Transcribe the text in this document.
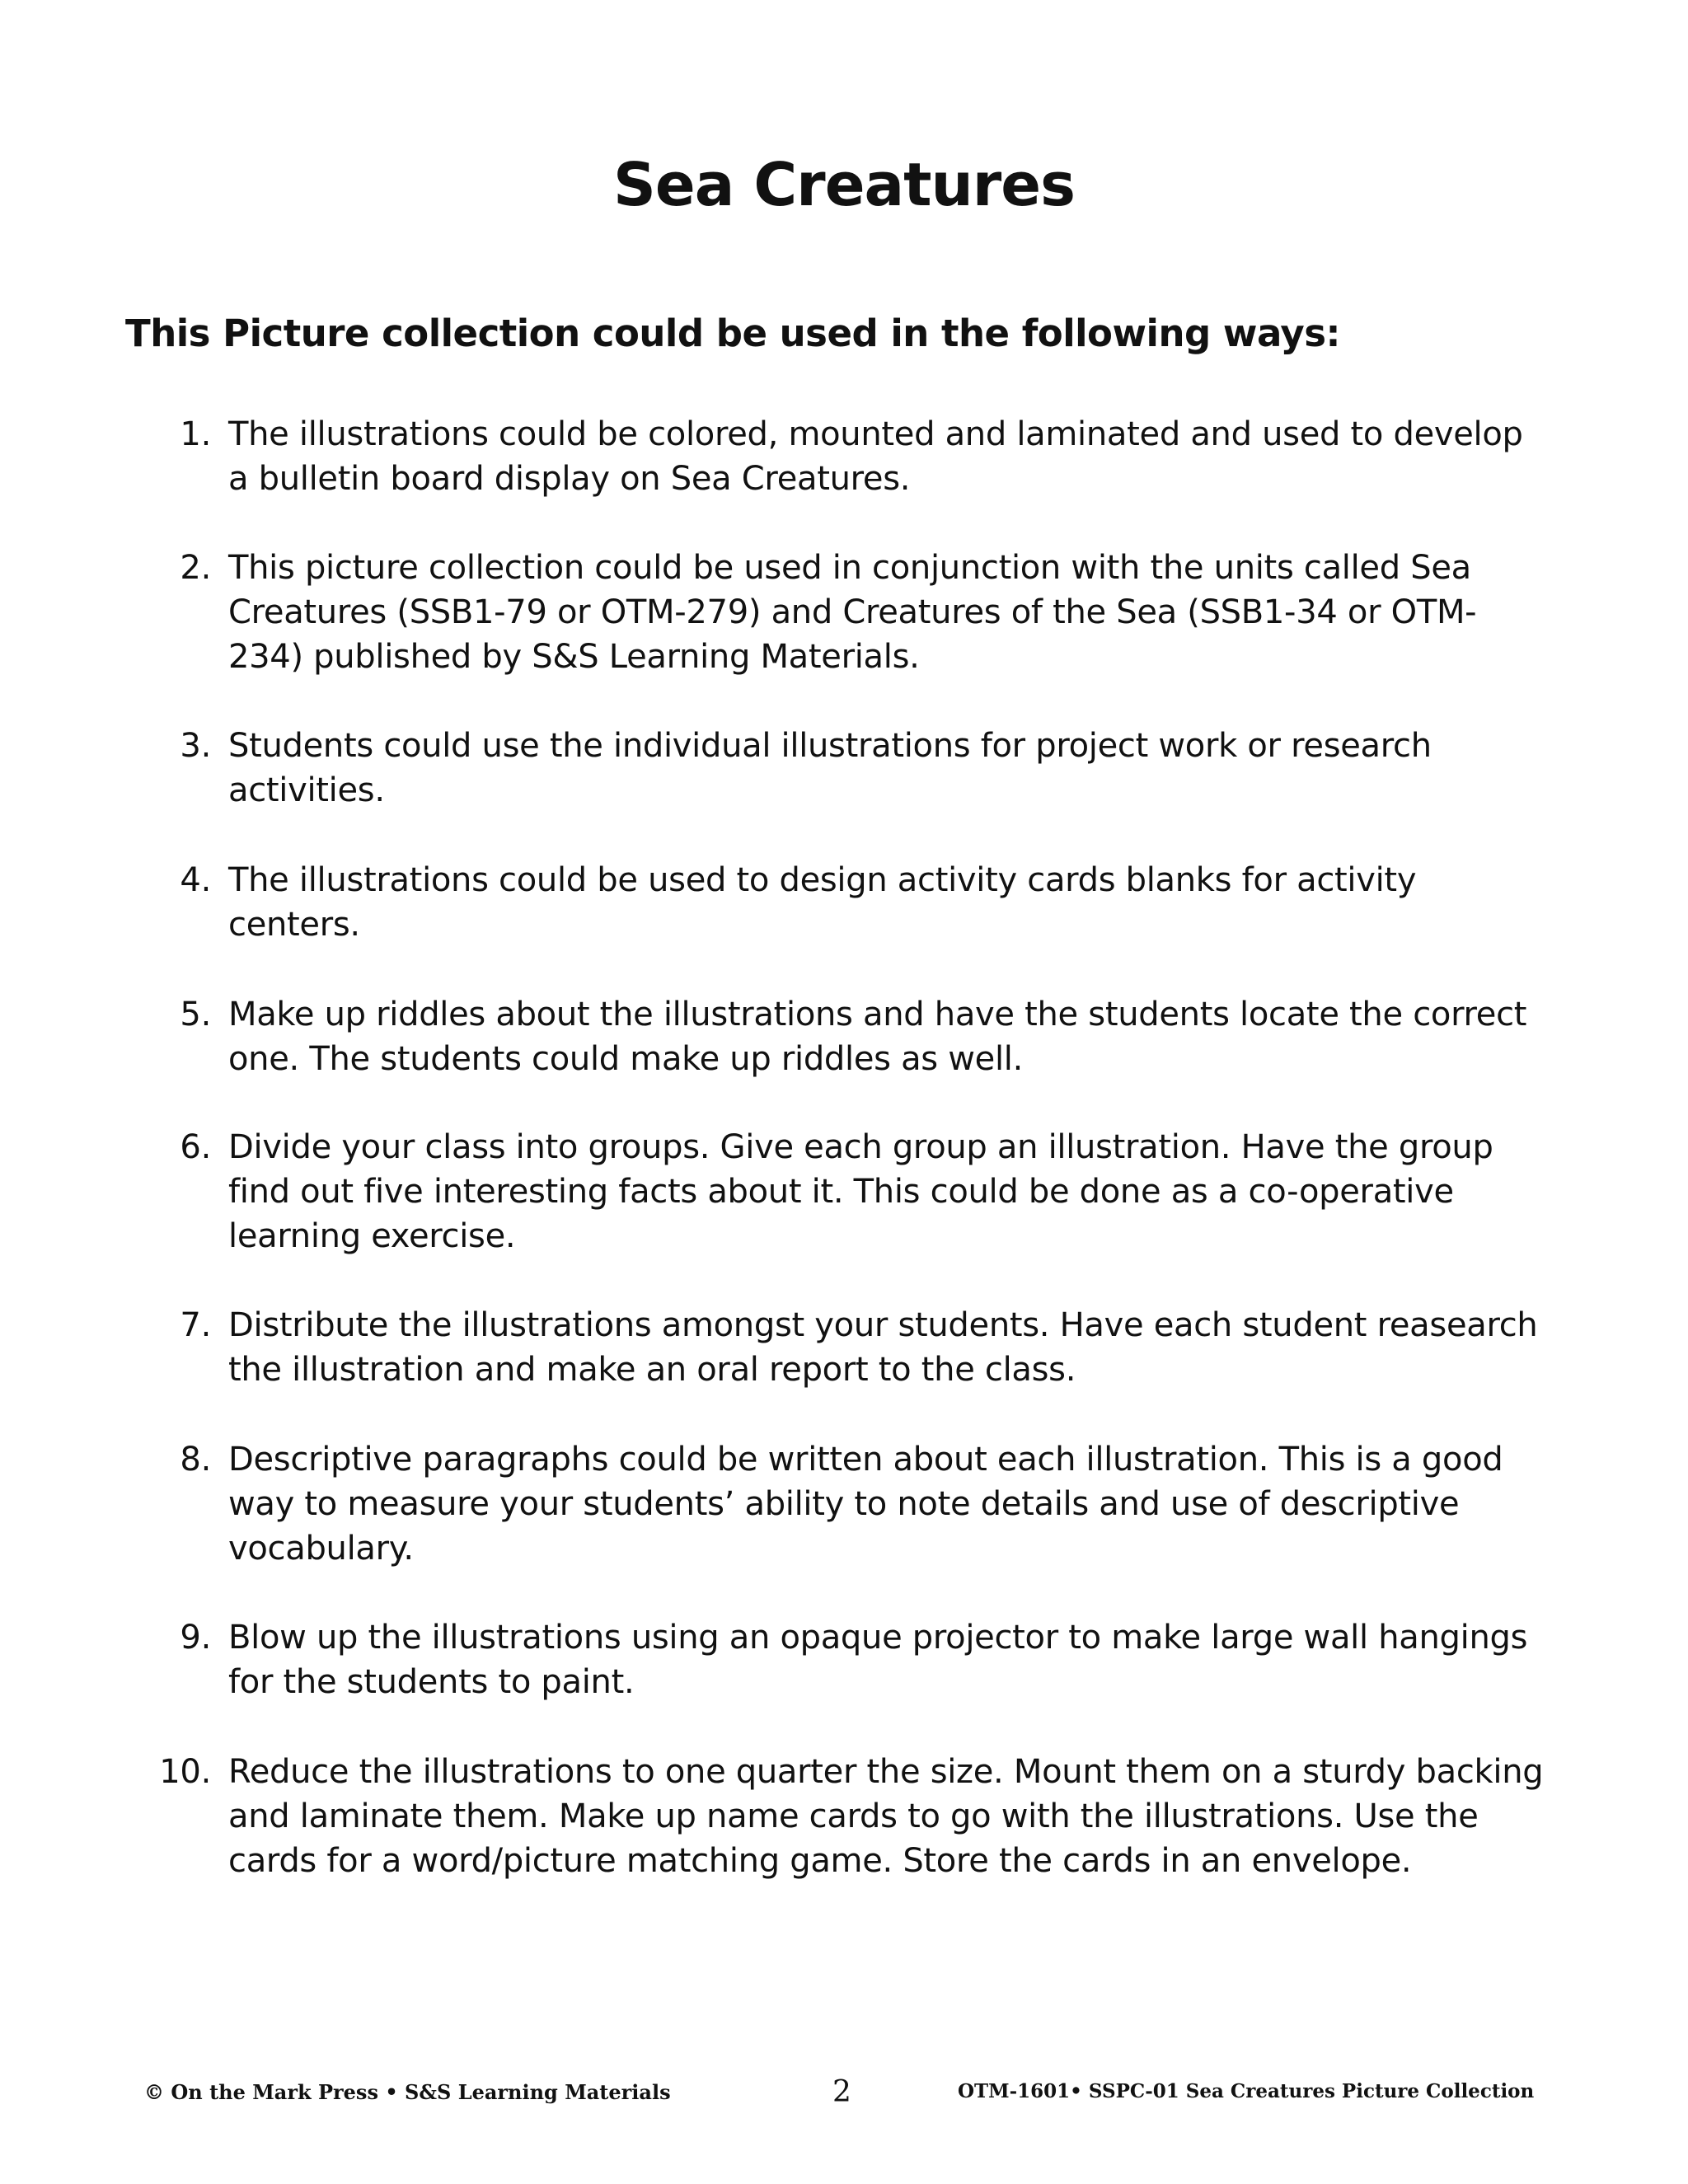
Sea Creatures
This Picture collection could be used in the following ways:
1. The illustrations could be colored, mounted and laminated and used to develop a bulletin board display on Sea Creatures.
2. This picture collection could be used in conjunction with the units called Sea Creatures (SSB1-79 or OTM-279) and Creatures of the Sea (SSB1-34 or OTM-234) published by S&S Learning Materials.
3. Students could use the individual illustrations for project work or research activities.
4. The illustrations could be used to design activity cards blanks for activity centers.
5. Make up riddles about the illustrations and have the students locate the correct one. The students could make up riddles as well.
6. Divide your class into groups. Give each group an illustration. Have the group find out five interesting facts about it. This could be done as a co-operative learning exercise.
7. Distribute the illustrations amongst your students. Have each student reasearch the illustration and make an oral report to the class.
8. Descriptive paragraphs could be written about each illustration. This is a good way to measure your students’ ability to note details and use of descriptive vocabulary.
9. Blow up the illustrations using an opaque projector to make large wall hangings for the students to paint.
10. Reduce the illustrations to one quarter the size. Mount them on a sturdy backing and laminate them. Make up name cards to go with the illustrations. Use the cards for a word/picture matching game. Store the cards in an envelope.
© On the Mark Press • S&S Learning Materials	2	OTM-1601• SSPC-01 Sea Creatures Picture Collection
